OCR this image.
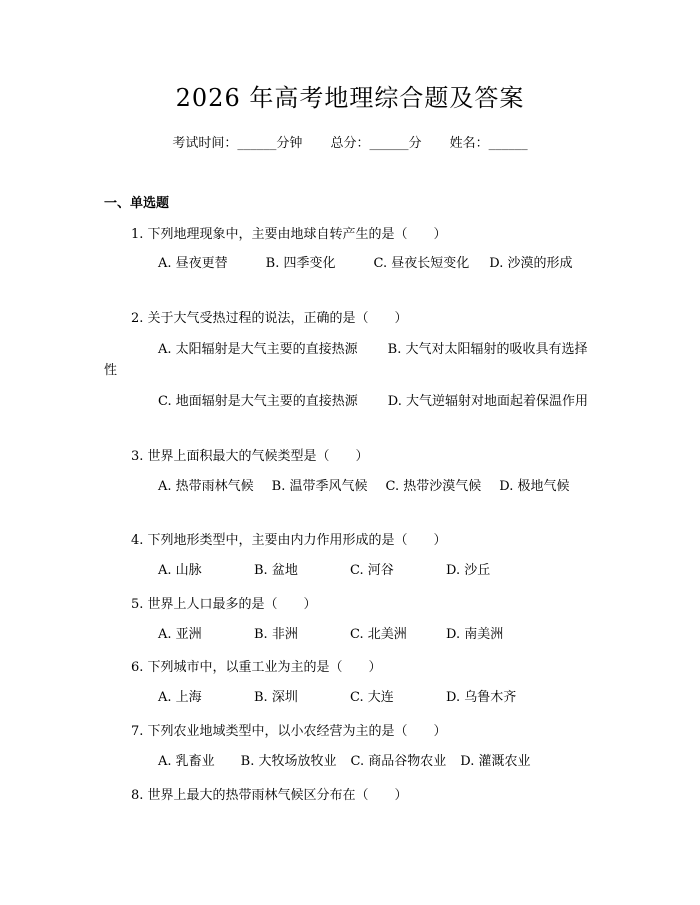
2026 年高考地理综合题及答案
考试时间：______分钟 总分：______分 姓名：______
一、单选题
1. 下列地理现象中，主要由地球自转产生的是（　　）
A. 昼夜更替	B. 四季变化	C. 昼夜长短变化 D. 沙漠的形成
2. 关于大气受热过程的说法，正确的是（　　）
A. 太阳辐射是大气主要的直接热源 B. 大气对太阳辐射的吸收具有选择性
C. 地面辐射是大气主要的直接热源 D. 大气逆辐射对地面起着保温作用
3. 世界上面积最大的气候类型是（　　）
A. 热带雨林气候 B. 温带季风气候 C. 热带沙漠气候 D. 极地气候
4. 下列地形类型中，主要由内力作用形成的是（　　）
A. 山脉	B. 盆地	C. 河谷	D. 沙丘
5. 世界上人口最多的是（　　）
A. 亚洲	B. 非洲	C. 北美洲	D. 南美洲
6. 下列城市中，以重工业为主的是（　　）
A. 上海	B. 深圳	C. 大连	D. 乌鲁木齐
7. 下列农业地域类型中，以小农经营为主的是（　　）
A. 乳畜业 B. 大牧场放牧业 C. 商品谷物农业 D. 灌溉农业
8. 世界上最大的热带雨林气候区分布在（　　）
